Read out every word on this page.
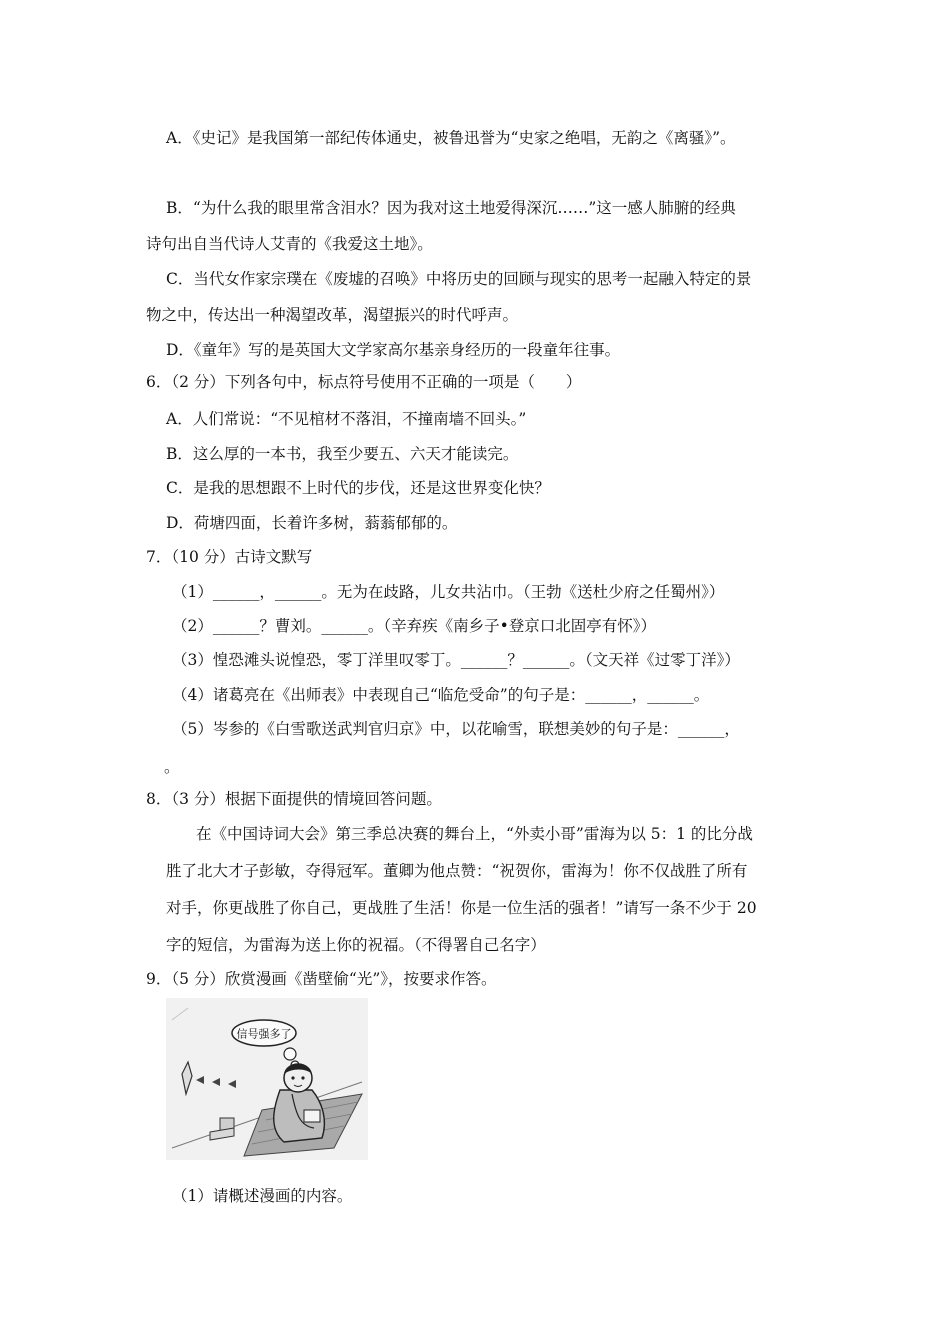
A．《史记》是我国第一部纪传体通史，被鲁迅誉为“史家之绝唱，无韵之《离骚》”。
B．“为什么我的眼里常含泪水？因为我对这土地爱得深沉……”这一感人肺腑的经典
诗句出自当代诗人艾青的《我爱这土地》。
C．当代女作家宗璞在《废墟的召唤》中将历史的回顾与现实的思考一起融入特定的景
物之中，传达出一种渴望改革，渴望振兴的时代呼声。
D．《童年》写的是英国大文学家高尔基亲身经历的一段童年往事。
6．（2 分）下列各句中，标点符号使用不正确的一项是（　　）
A．人们常说：“不见棺材不落泪，不撞南墙不回头。”
B．这么厚的一本书，我至少要五、六天才能读完。
C．是我的思想跟不上时代的步伐，还是这世界变化快？
D．荷塘四面，长着许多树，蓊蓊郁郁的。
7．（10 分）古诗文默写
（1）______，______。无为在歧路，儿女共沾巾。（王勃《送杜少府之任蜀州》）
（2）______？曹刘。______。（辛弃疾《南乡子•登京口北固亭有怀》）
（3）惶恐滩头说惶恐，零丁洋里叹零丁。______？______。（文天祥《过零丁洋》）
（4）诸葛亮在《出师表》中表现自己“临危受命”的句子是：______，______。
（5）岑参的《白雪歌送武判官归京》中，以花喻雪，联想美妙的句子是：______，
。
8．（3 分）根据下面提供的情境回答问题。
在《中国诗词大会》第三季总决赛的舞台上，“外卖小哥”雷海为以 5：1 的比分战
胜了北大才子彭敏，夺得冠军。董卿为他点赞：“祝贺你，雷海为！你不仅战胜了所有
对手，你更战胜了你自己，更战胜了生活！你是一位生活的强者！”请写一条不少于 20
字的短信，为雷海为送上你的祝福。（不得署自己名字）
9．（5 分）欣赏漫画《凿壁偷“光”》，按要求作答。
信号强多了
（1）请概述漫画的内容。
